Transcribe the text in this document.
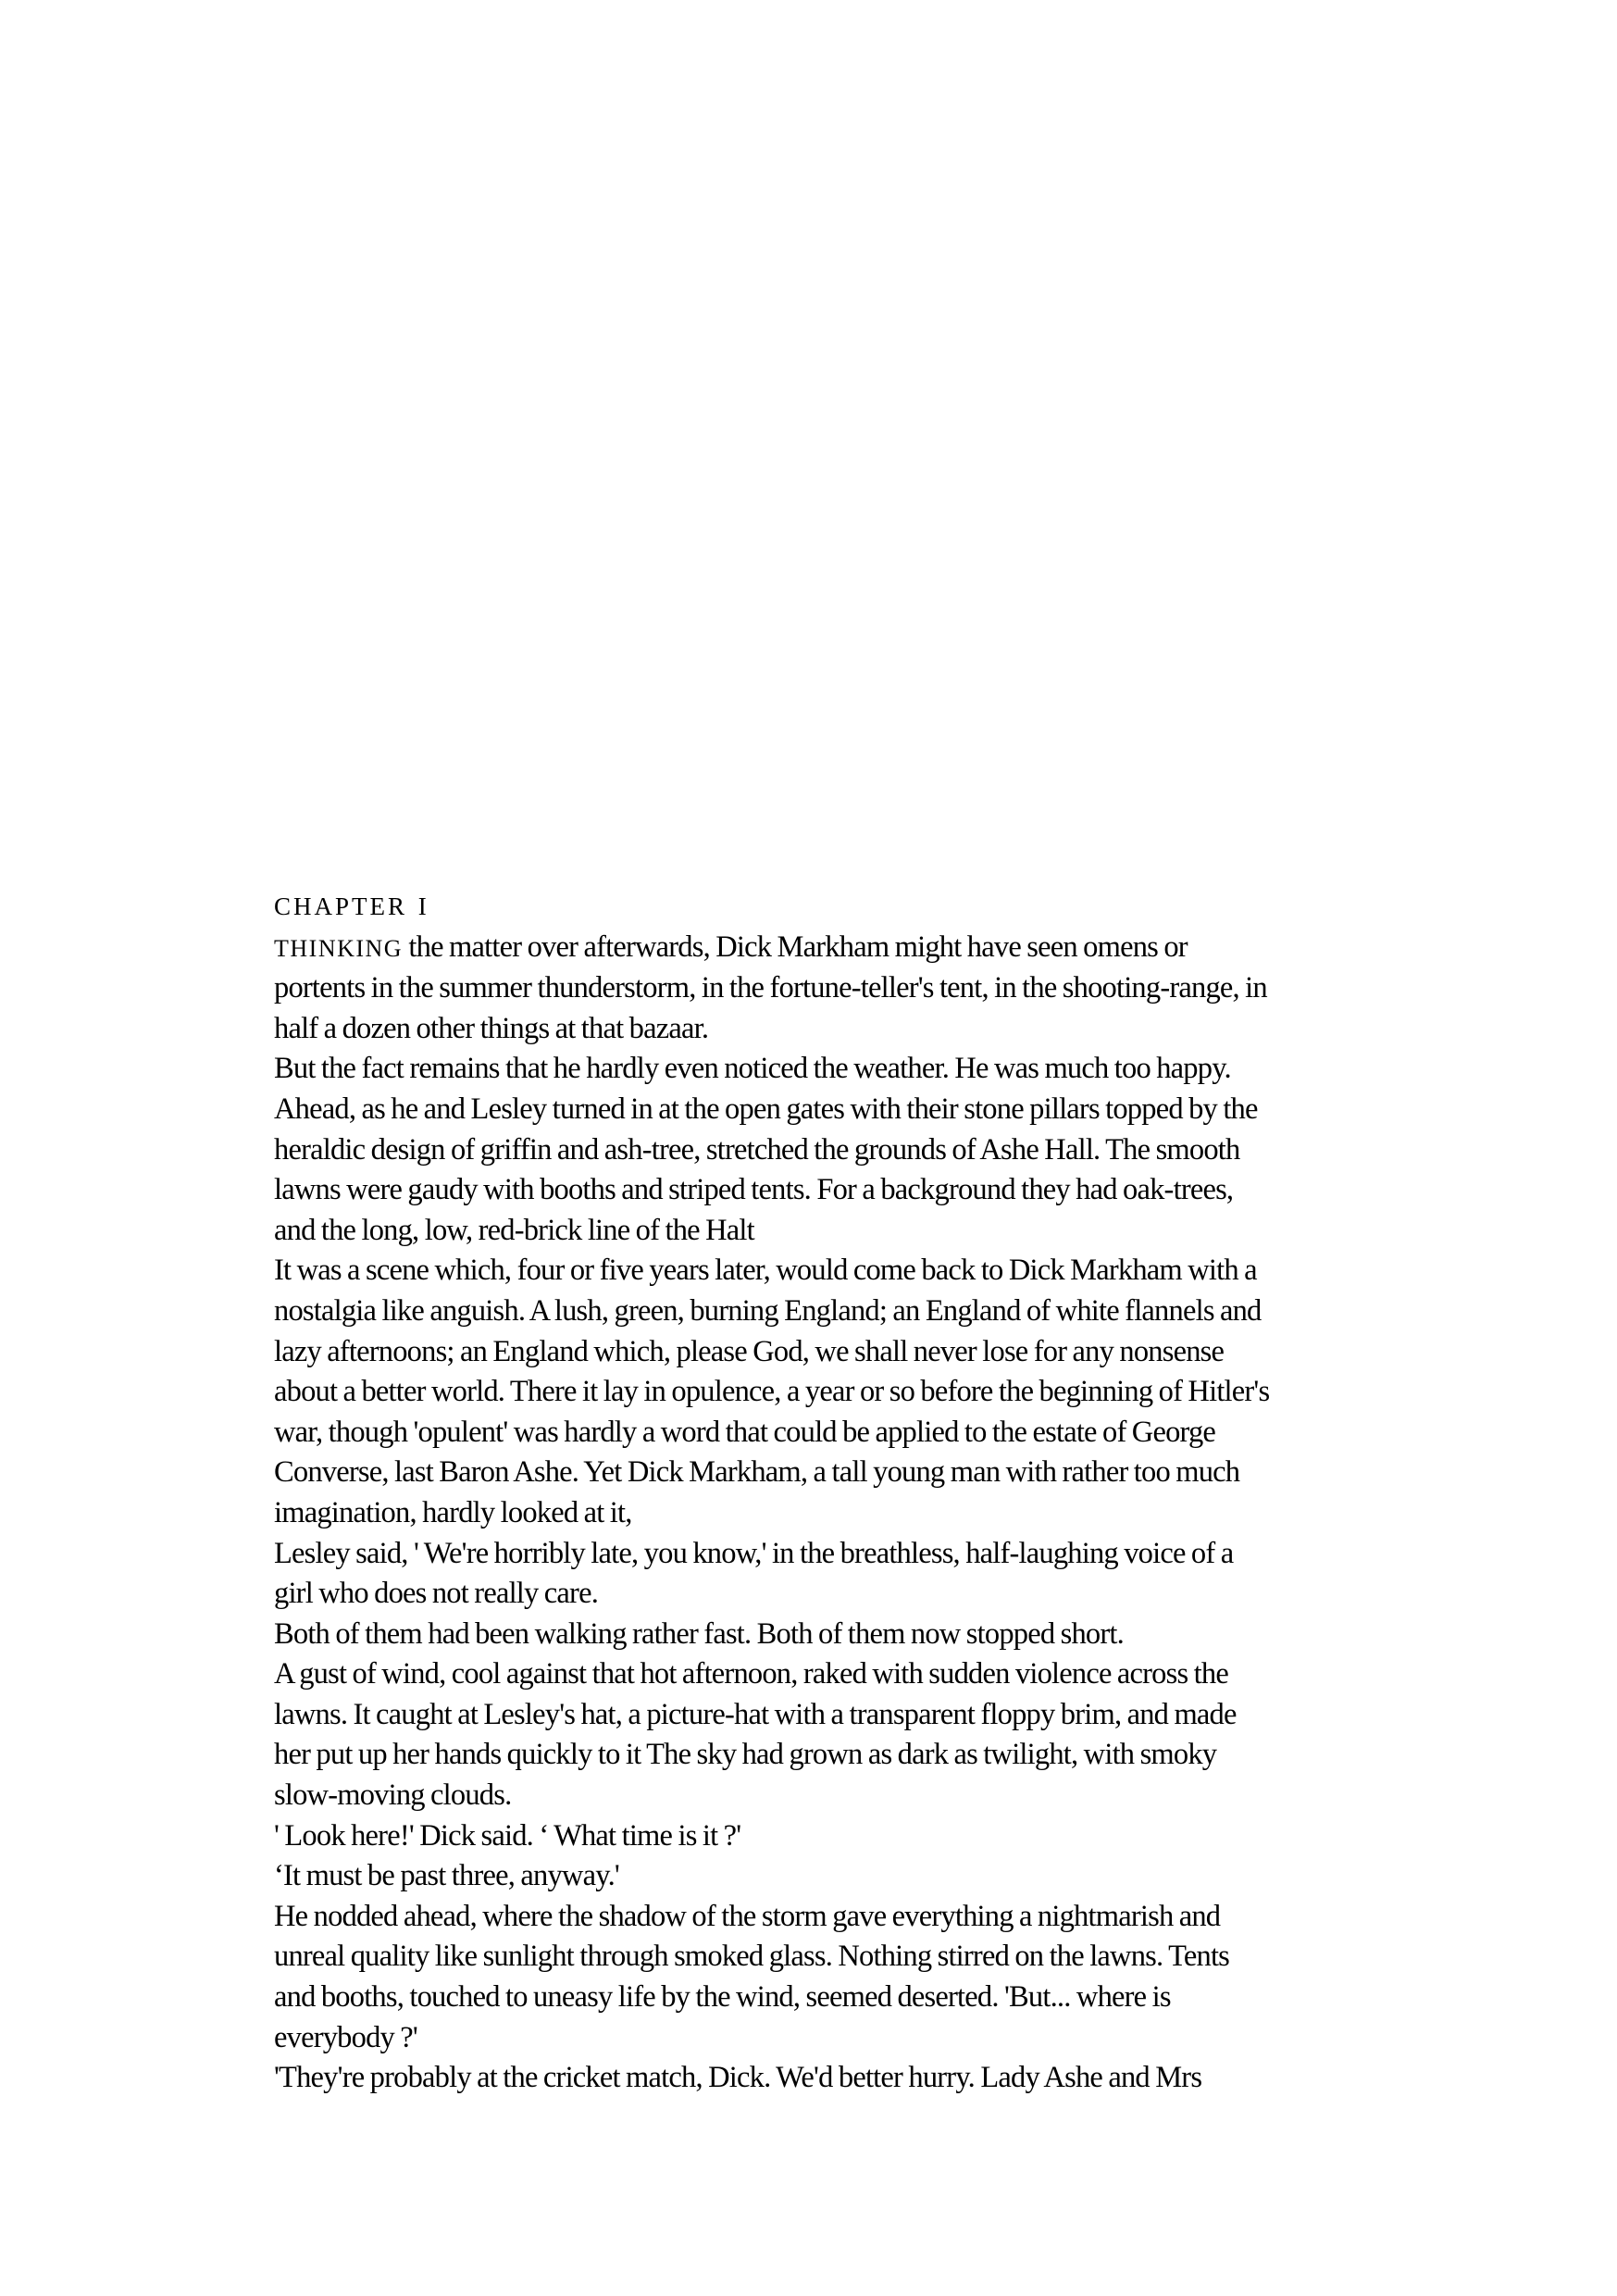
CHAPTER I
THINKING the matter over afterwards, Dick Markham might have seen omens or
portents in the summer thunderstorm, in the fortune-teller's tent, in the shooting-range, in
half a dozen other things at that bazaar.
But the fact remains that he hardly even noticed the weather. He was much too happy.
Ahead, as he and Lesley turned in at the open gates with their stone pillars topped by the
heraldic design of griffin and ash-tree, stretched the grounds of Ashe Hall. The smooth
lawns were gaudy with booths and striped tents. For a background they had oak-trees,
and the long, low, red-brick line of the Halt
It was a scene which, four or five years later, would come back to Dick Markham with a
nostalgia like anguish. A lush, green, burning England; an England of white flannels and
lazy afternoons; an England which, please God, we shall never lose for any nonsense
about a better world. There it lay in opulence, a year or so before the beginning of Hitler's
war, though 'opulent' was hardly a word that could be applied to the estate of George
Converse, last Baron Ashe. Yet Dick Markham, a tall young man with rather too much
imagination, hardly looked at it,
Lesley said, ' We're horribly late, you know,' in the breathless, half-laughing voice of a
girl who does not really care.
Both of them had been walking rather fast. Both of them now stopped short.
A gust of wind, cool against that hot afternoon, raked with sudden violence across the
lawns. It caught at Lesley's hat, a picture-hat with a transparent floppy brim, and made
her put up her hands quickly to it The sky had grown as dark as twilight, with smoky
slow-moving clouds.
' Look here!' Dick said. ‘ What time is it ?'
‘It must be past three, anyway.'
He nodded ahead, where the shadow of the storm gave everything a nightmarish and
unreal quality like sunlight through smoked glass. Nothing stirred on the lawns. Tents
and booths, touched to uneasy life by the wind, seemed deserted. 'But... where is
everybody ?'
'They're probably at the cricket match, Dick. We'd better hurry. Lady Ashe and Mrs
